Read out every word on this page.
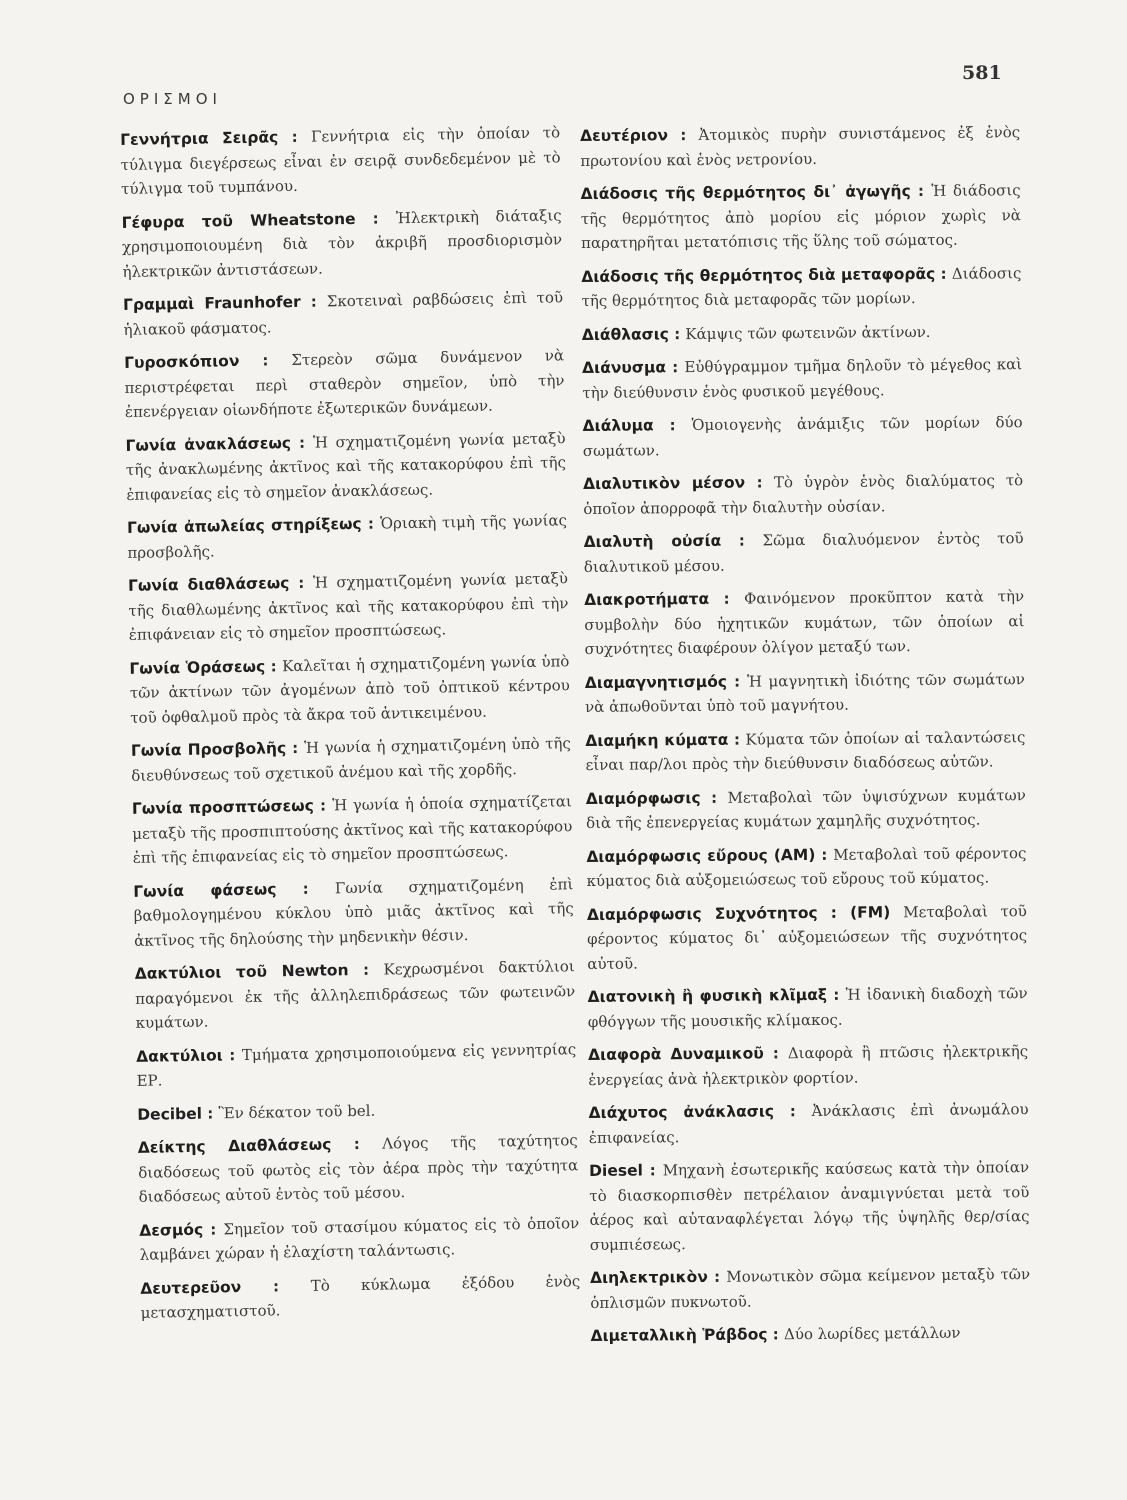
ΟΡΙΣΜΟΙ
581
Γεννήτρια Σειρᾶς : Γεννήτρια εἰς τὴν ὁποίαν τὸ τύλιγμα διεγέρσεως εἶναι ἐν σειρᾷ συνδεδεμένον μὲ τὸ τύλιγμα τοῦ τυμπάνου.
Γέφυρα τοῦ Wheatstone : Ἠλεκτρικὴ διάταξις χρησιμοποιουμένη διὰ τὸν ἀκριβῆ προσδιορισμὸν ἠλεκτρικῶν ἀντιστάσεων.
Γραμμαὶ Fraunhofer : Σκοτειναὶ ραβδώσεις ἐπὶ τοῦ ἡλιακοῦ φάσματος.
Γυροσκόπιον : Στερεὸν σῶμα δυνάμενον νὰ περιστρέφεται περὶ σταθερὸν σημεῖον, ὑπὸ τὴν ἐπενέργειαν οἱωνδήποτε ἐξωτερικῶν δυνάμεων.
Γωνία ἀνακλάσεως : Ἡ σχηματιζομένη γωνία μεταξὺ τῆς ἀνακλωμένης ἀκτῖνος καὶ τῆς κατακορύφου ἐπὶ τῆς ἐπιφανείας εἰς τὸ σημεῖον ἀνακλάσεως.
Γωνία ἀπωλείας στηρίξεως : Ὁριακὴ τιμὴ τῆς γωνίας προσβολῆς.
Γωνία διαθλάσεως : Ἡ σχηματιζομένη γωνία μεταξὺ τῆς διαθλωμένης ἀκτῖνος καὶ τῆς κατακορύφου ἐπὶ τὴν ἐπιφάνειαν εἰς τὸ σημεῖον προσπτώσεως.
Γωνία Ὁράσεως : Καλεῖται ἡ σχηματιζομένη γωνία ὑπὸ τῶν ἀκτίνων τῶν ἀγομένων ἀπὸ τοῦ ὀπτικοῦ κέντρου τοῦ ὀφθαλμοῦ πρὸς τὰ ἄκρα τοῦ ἀντικειμένου.
Γωνία Προσβολῆς : Ἡ γωνία ἡ σχηματιζομένη ὑπὸ τῆς διευθύνσεως τοῦ σχετικοῦ ἀνέμου καὶ τῆς χορδῆς.
Γωνία προσπτώσεως : Ἡ γωνία ἡ ὁποία σχηματίζεται μεταξὺ τῆς προσπιπτούσης ἀκτῖνος καὶ τῆς κατακορύφου ἐπὶ τῆς ἐπιφανείας εἰς τὸ σημεῖον προσπτώσεως.
Γωνία φάσεως : Γωνία σχηματιζομένη ἐπὶ βαθμολογημένου κύκλου ὑπὸ μιᾶς ἀκτῖνος καὶ τῆς ἀκτῖνος τῆς δηλούσης τὴν μηδενικὴν θέσιν.
Δακτύλιοι τοῦ Newton : Κεχρωσμένοι δακτύλιοι παραγόμενοι ἐκ τῆς ἀλληλεπιδράσεως τῶν φωτεινῶν κυμάτων.
Δακτύλιοι : Τμήματα χρησιμοποιούμενα εἰς γεννητρίας ΕΡ.
Decibel : Ἓν δέκατον τοῦ bel.
Δείκτης Διαθλάσεως : Λόγος τῆς ταχύτητος διαδόσεως τοῦ φωτὸς εἰς τὸν ἀέρα πρὸς τὴν ταχύτητα διαδόσεως αὐτοῦ ἐντὸς τοῦ μέσου.
Δεσμός : Σημεῖον τοῦ στασίμου κύματος εἰς τὸ ὁποῖον λαμβάνει χώραν ἡ ἐλαχίστη ταλάντωσις.
Δευτερεῦον : Τὸ κύκλωμα ἐξόδου ἑνὸς μετασχηματιστοῦ.
Δευτέριον : Ἀτομικὸς πυρὴν συνιστάμενος ἐξ ἑνὸς πρωτονίου καὶ ἑνὸς νετρονίου.
Διάδοσις τῆς θερμότητος δι᾿ ἀγωγῆς : Ἡ διάδοσις τῆς θερμότητος ἀπὸ μορίου εἰς μόριον χωρὶς νὰ παρατηρῆται μετατόπισις τῆς ὕλης τοῦ σώματος.
Διάδοσις τῆς θερμότητος διὰ μεταφορᾶς : Διάδοσις τῆς θερμότητος διὰ μεταφορᾶς τῶν μορίων.
Διάθλασις : Κάμψις τῶν φωτεινῶν ἀκτίνων.
Διάνυσμα : Εὐθύγραμμον τμῆμα δηλοῦν τὸ μέγεθος καὶ τὴν διεύθυνσιν ἑνὸς φυσικοῦ μεγέθους.
Διάλυμα : Ὁμοιογενὴς ἀνάμιξις τῶν μορίων δύο σωμάτων.
Διαλυτικὸν μέσον : Τὸ ὑγρὸν ἑνὸς διαλύματος τὸ ὁποῖον ἀπορροφᾶ τὴν διαλυτὴν οὐσίαν.
Διαλυτὴ οὐσία : Σῶμα διαλυόμενον ἐντὸς τοῦ διαλυτικοῦ μέσου.
Διακροτήματα : Φαινόμενον προκῦπτον κατὰ τὴν συμβολὴν δύο ἠχητικῶν κυμάτων, τῶν ὁποίων αἱ συχνότητες διαφέρουν ὀλίγον μεταξύ των.
Διαμαγνητισμός : Ἡ μαγνητικὴ ἰδιότης τῶν σωμάτων νὰ ἀπωθοῦνται ὑπὸ τοῦ μαγνήτου.
Διαμήκη κύματα : Κύματα τῶν ὁποίων αἱ ταλαντώσεις εἶναι παρ/λοι πρὸς τὴν διεύθυνσιν διαδόσεως αὐτῶν.
Διαμόρφωσις : Μεταβολαὶ τῶν ὑψισύχνων κυμάτων διὰ τῆς ἐπενεργείας κυμάτων χαμηλῆς συχνότητος.
Διαμόρφωσις εὔρους (AM) : Μεταβολαὶ τοῦ φέροντος κύματος διὰ αὐξομειώσεως τοῦ εὔρους τοῦ κύματος.
Διαμόρφωσις Συχνότητος : (FM) Μεταβολαὶ τοῦ φέροντος κύματος δι᾿ αὐξομειώσεων τῆς συχνότητος αὐτοῦ.
Διατονικὴ ἢ φυσικὴ κλῖμαξ : Ἡ ἰδανικὴ διαδοχὴ τῶν φθόγγων τῆς μουσικῆς κλίμακος.
Διαφορὰ Δυναμικοῦ : Διαφορὰ ἢ πτῶσις ἠλεκτρικῆς ἐνεργείας ἀνὰ ἠλεκτρικὸν φορτίον.
Διάχυτος ἀνάκλασις : Ἀνάκλασις ἐπὶ ἀνωμάλου ἐπιφανείας.
Diesel : Μηχανὴ ἐσωτερικῆς καύσεως κατὰ τὴν ὁποίαν τὸ διασκορπισθὲν πετρέλαιον ἀναμιγνύεται μετὰ τοῦ ἀέρος καὶ αὐταναφλέγεται λόγῳ τῆς ὑψηλῆς θερ/σίας συμπιέσεως.
Διηλεκτρικὸν : Μονωτικὸν σῶμα κείμενον μεταξὺ τῶν ὁπλισμῶν πυκνωτοῦ.
Διμεταλλικὴ Ῥάβδος : Δύο λωρίδες μετάλλων
